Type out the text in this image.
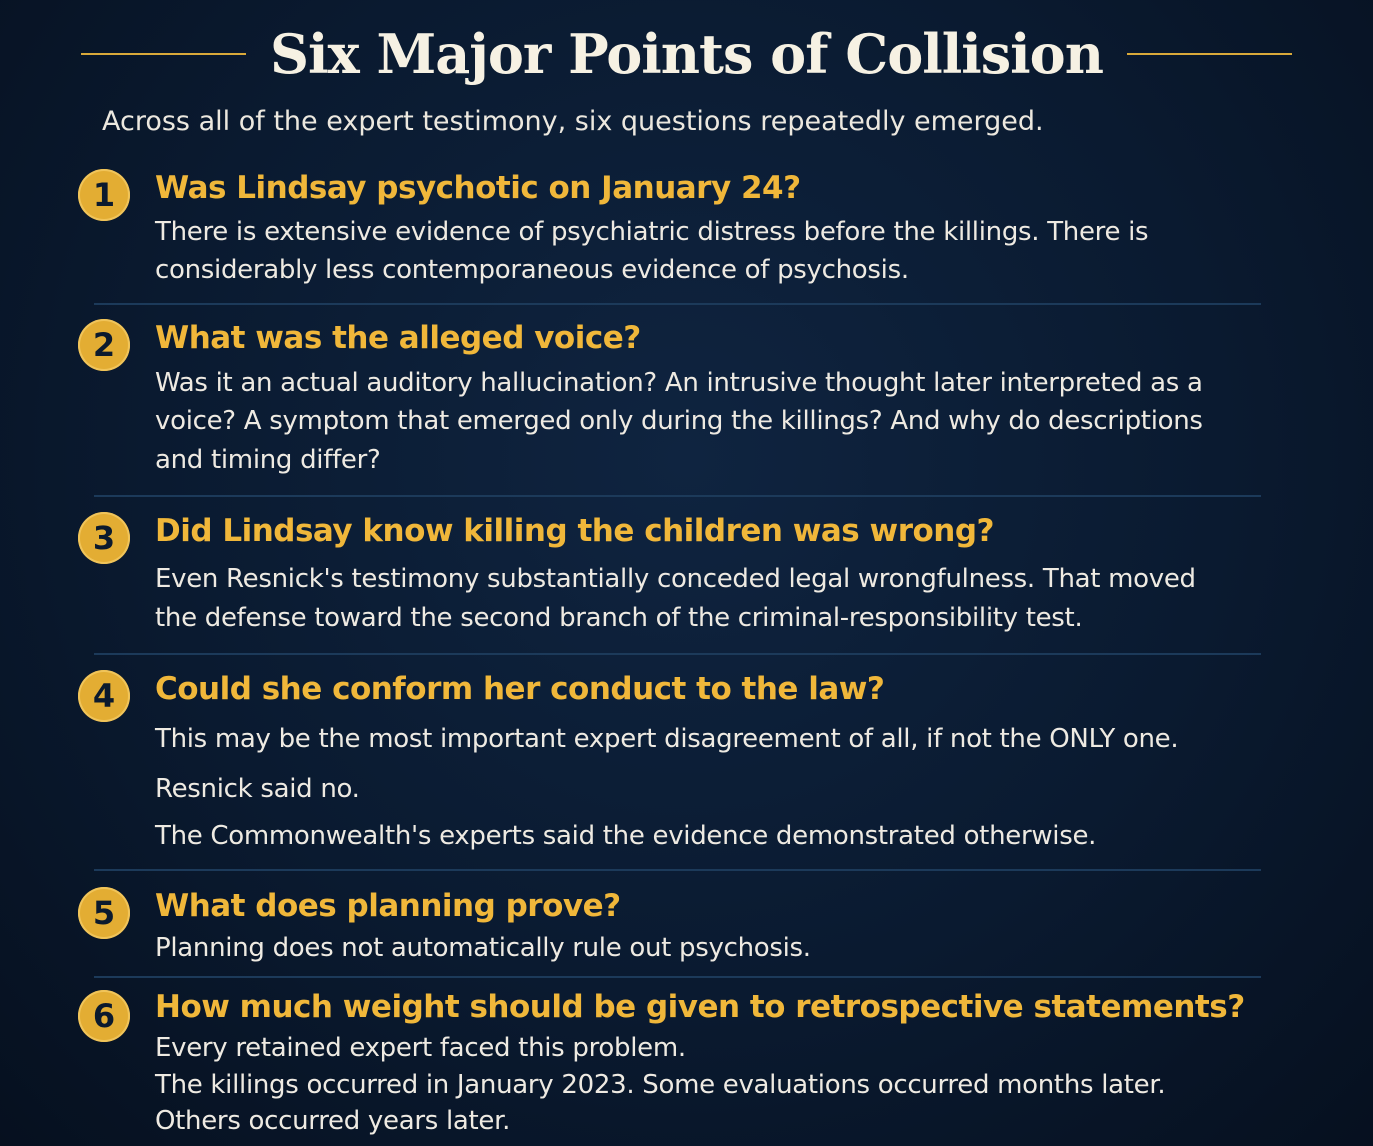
Six Major Points of Collision
Across all of the expert testimony, six questions repeatedly emerged.
1	Was Lindsay psychotic on January 24?
There is extensive evidence of psychiatric distress before the killings. There is
considerably less contemporaneous evidence of psychosis.
2	What was the alleged voice?
Was it an actual auditory hallucination? An intrusive thought later interpreted as a
voice? A symptom that emerged only during the killings? And why do descriptions
and timing differ?
3	Did Lindsay know killing the children was wrong?
Even Resnick's testimony substantially conceded legal wrongfulness. That moved
the defense toward the second branch of the criminal-responsibility test.
4	Could she conform her conduct to the law?
This may be the most important expert disagreement of all, if not the ONLY one.
Resnick said no.
The Commonwealth's experts said the evidence demonstrated otherwise.
5	What does planning prove?
Planning does not automatically rule out psychosis.
6	How much weight should be given to retrospective statements?
Every retained expert faced this problem.
The killings occurred in January 2023. Some evaluations occurred months later.
Others occurred years later.
